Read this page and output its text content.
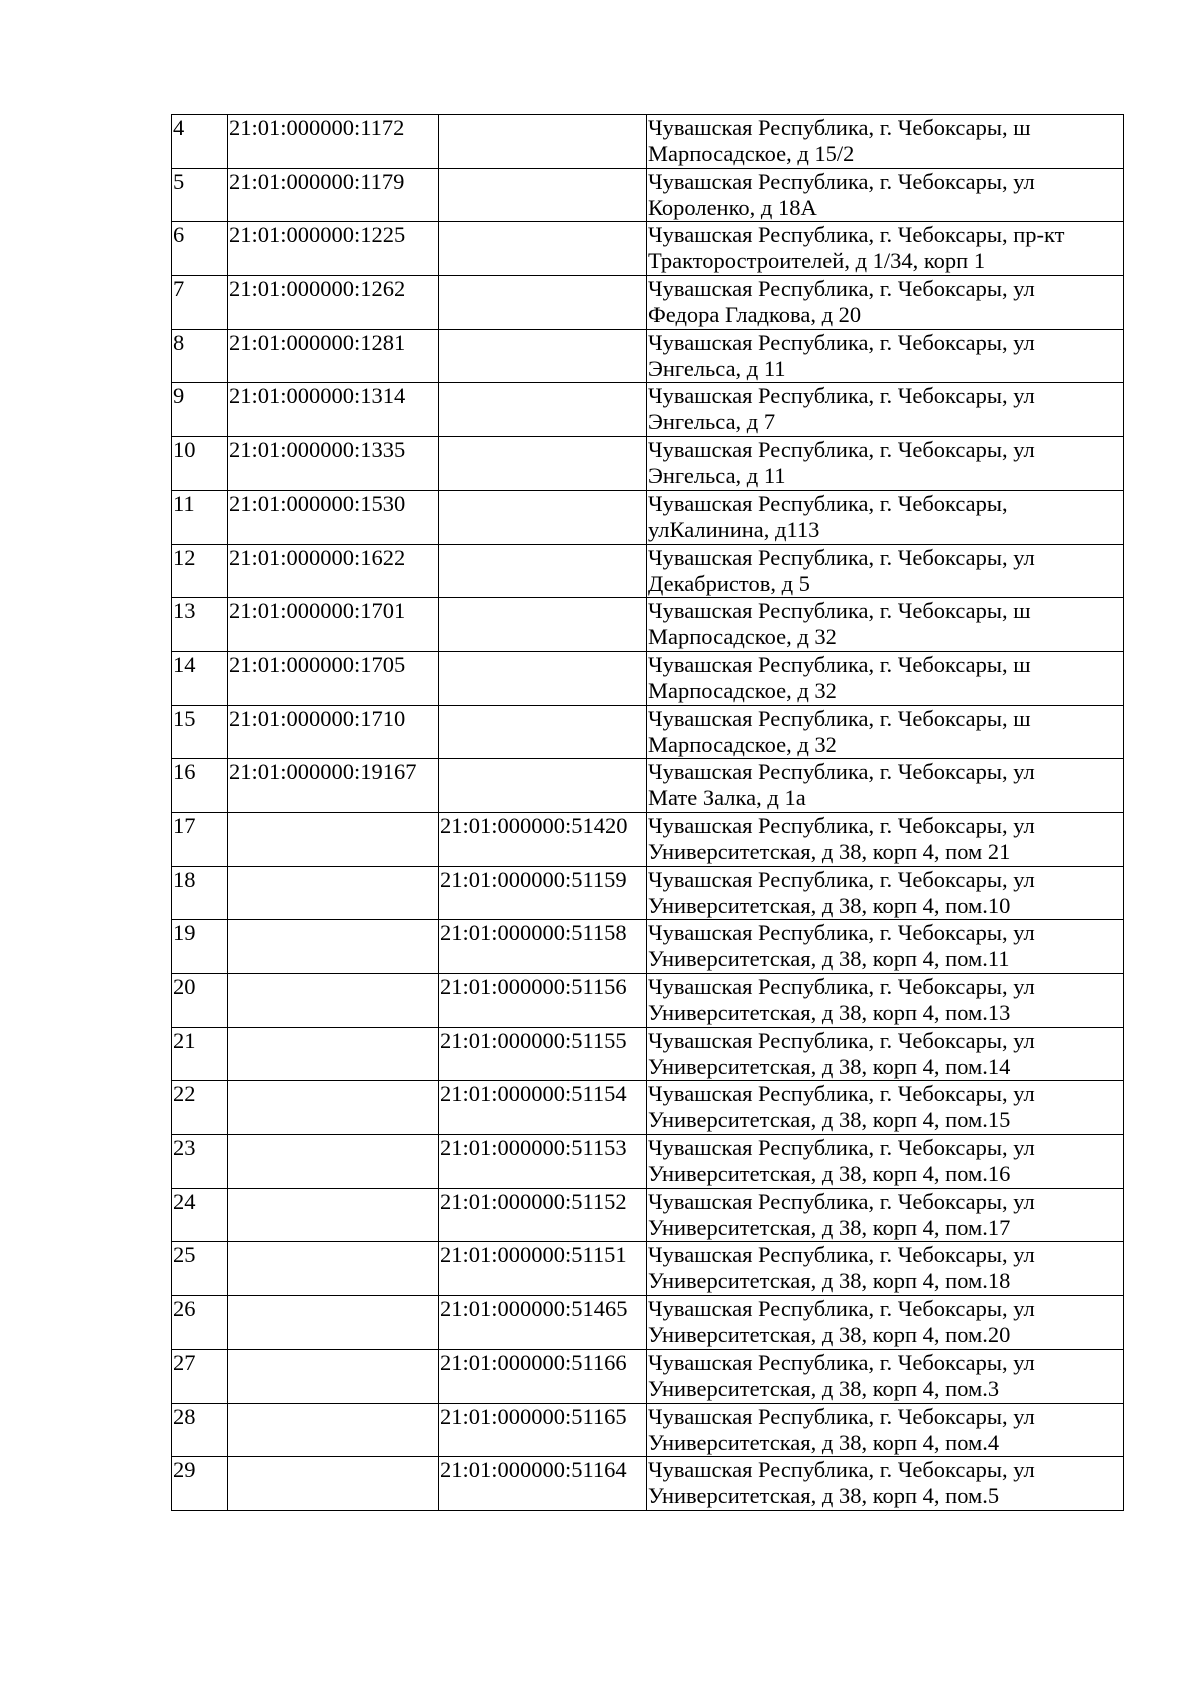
4	21:01:000000:1172		Чувашская Республика, г. Чебоксары, ш
Марпосадское, д 15/2

5	21:01:000000:1179		Чувашская Республика, г. Чебоксары, ул
Короленко, д 18А

6	21:01:000000:1225		Чувашская Республика, г. Чебоксары, пр-кт
Тракторостроителей, д 1/34, корп 1

7	21:01:000000:1262		Чувашская Республика, г. Чебоксары, ул
Федора Гладкова, д 20

8	21:01:000000:1281		Чувашская Республика, г. Чебоксары, ул
Энгельса, д 11

9	21:01:000000:1314		Чувашская Республика, г. Чебоксары, ул
Энгельса, д 7

10	21:01:000000:1335		Чувашская Республика, г. Чебоксары, ул
Энгельса, д 11

11	21:01:000000:1530		Чувашская Республика, г. Чебоксары,
улКалинина, д113

12	21:01:000000:1622		Чувашская Республика, г. Чебоксары, ул
Декабристов, д 5

13	21:01:000000:1701		Чувашская Республика, г. Чебоксары, ш
Марпосадское, д 32

14	21:01:000000:1705		Чувашская Республика, г. Чебоксары, ш
Марпосадское, д 32

15	21:01:000000:1710		Чувашская Республика, г. Чебоксары, ш
Марпосадское, д 32

16	21:01:000000:19167		Чувашская Республика, г. Чебоксары, ул
Мате Залка, д 1а

17		21:01:000000:51420	Чувашская Республика, г. Чебоксары, ул
Университетская, д 38, корп 4, пом 21

18		21:01:000000:51159	Чувашская Республика, г. Чебоксары, ул
Университетская, д 38, корп 4, пом.10

19		21:01:000000:51158	Чувашская Республика, г. Чебоксары, ул
Университетская, д 38, корп 4, пом.11

20		21:01:000000:51156	Чувашская Республика, г. Чебоксары, ул
Университетская, д 38, корп 4, пом.13

21		21:01:000000:51155	Чувашская Республика, г. Чебоксары, ул
Университетская, д 38, корп 4, пом.14

22		21:01:000000:51154	Чувашская Республика, г. Чебоксары, ул
Университетская, д 38, корп 4, пом.15

23		21:01:000000:51153	Чувашская Республика, г. Чебоксары, ул
Университетская, д 38, корп 4, пом.16

24		21:01:000000:51152	Чувашская Республика, г. Чебоксары, ул
Университетская, д 38, корп 4, пом.17

25		21:01:000000:51151	Чувашская Республика, г. Чебоксары, ул
Университетская, д 38, корп 4, пом.18

26		21:01:000000:51465	Чувашская Республика, г. Чебоксары, ул
Университетская, д 38, корп 4, пом.20

27		21:01:000000:51166	Чувашская Республика, г. Чебоксары, ул
Университетская, д 38, корп 4, пом.3

28		21:01:000000:51165	Чувашская Республика, г. Чебоксары, ул
Университетская, д 38, корп 4, пом.4

29		21:01:000000:51164	Чувашская Республика, г. Чебоксары, ул
Университетская, д 38, корп 4, пом.5
